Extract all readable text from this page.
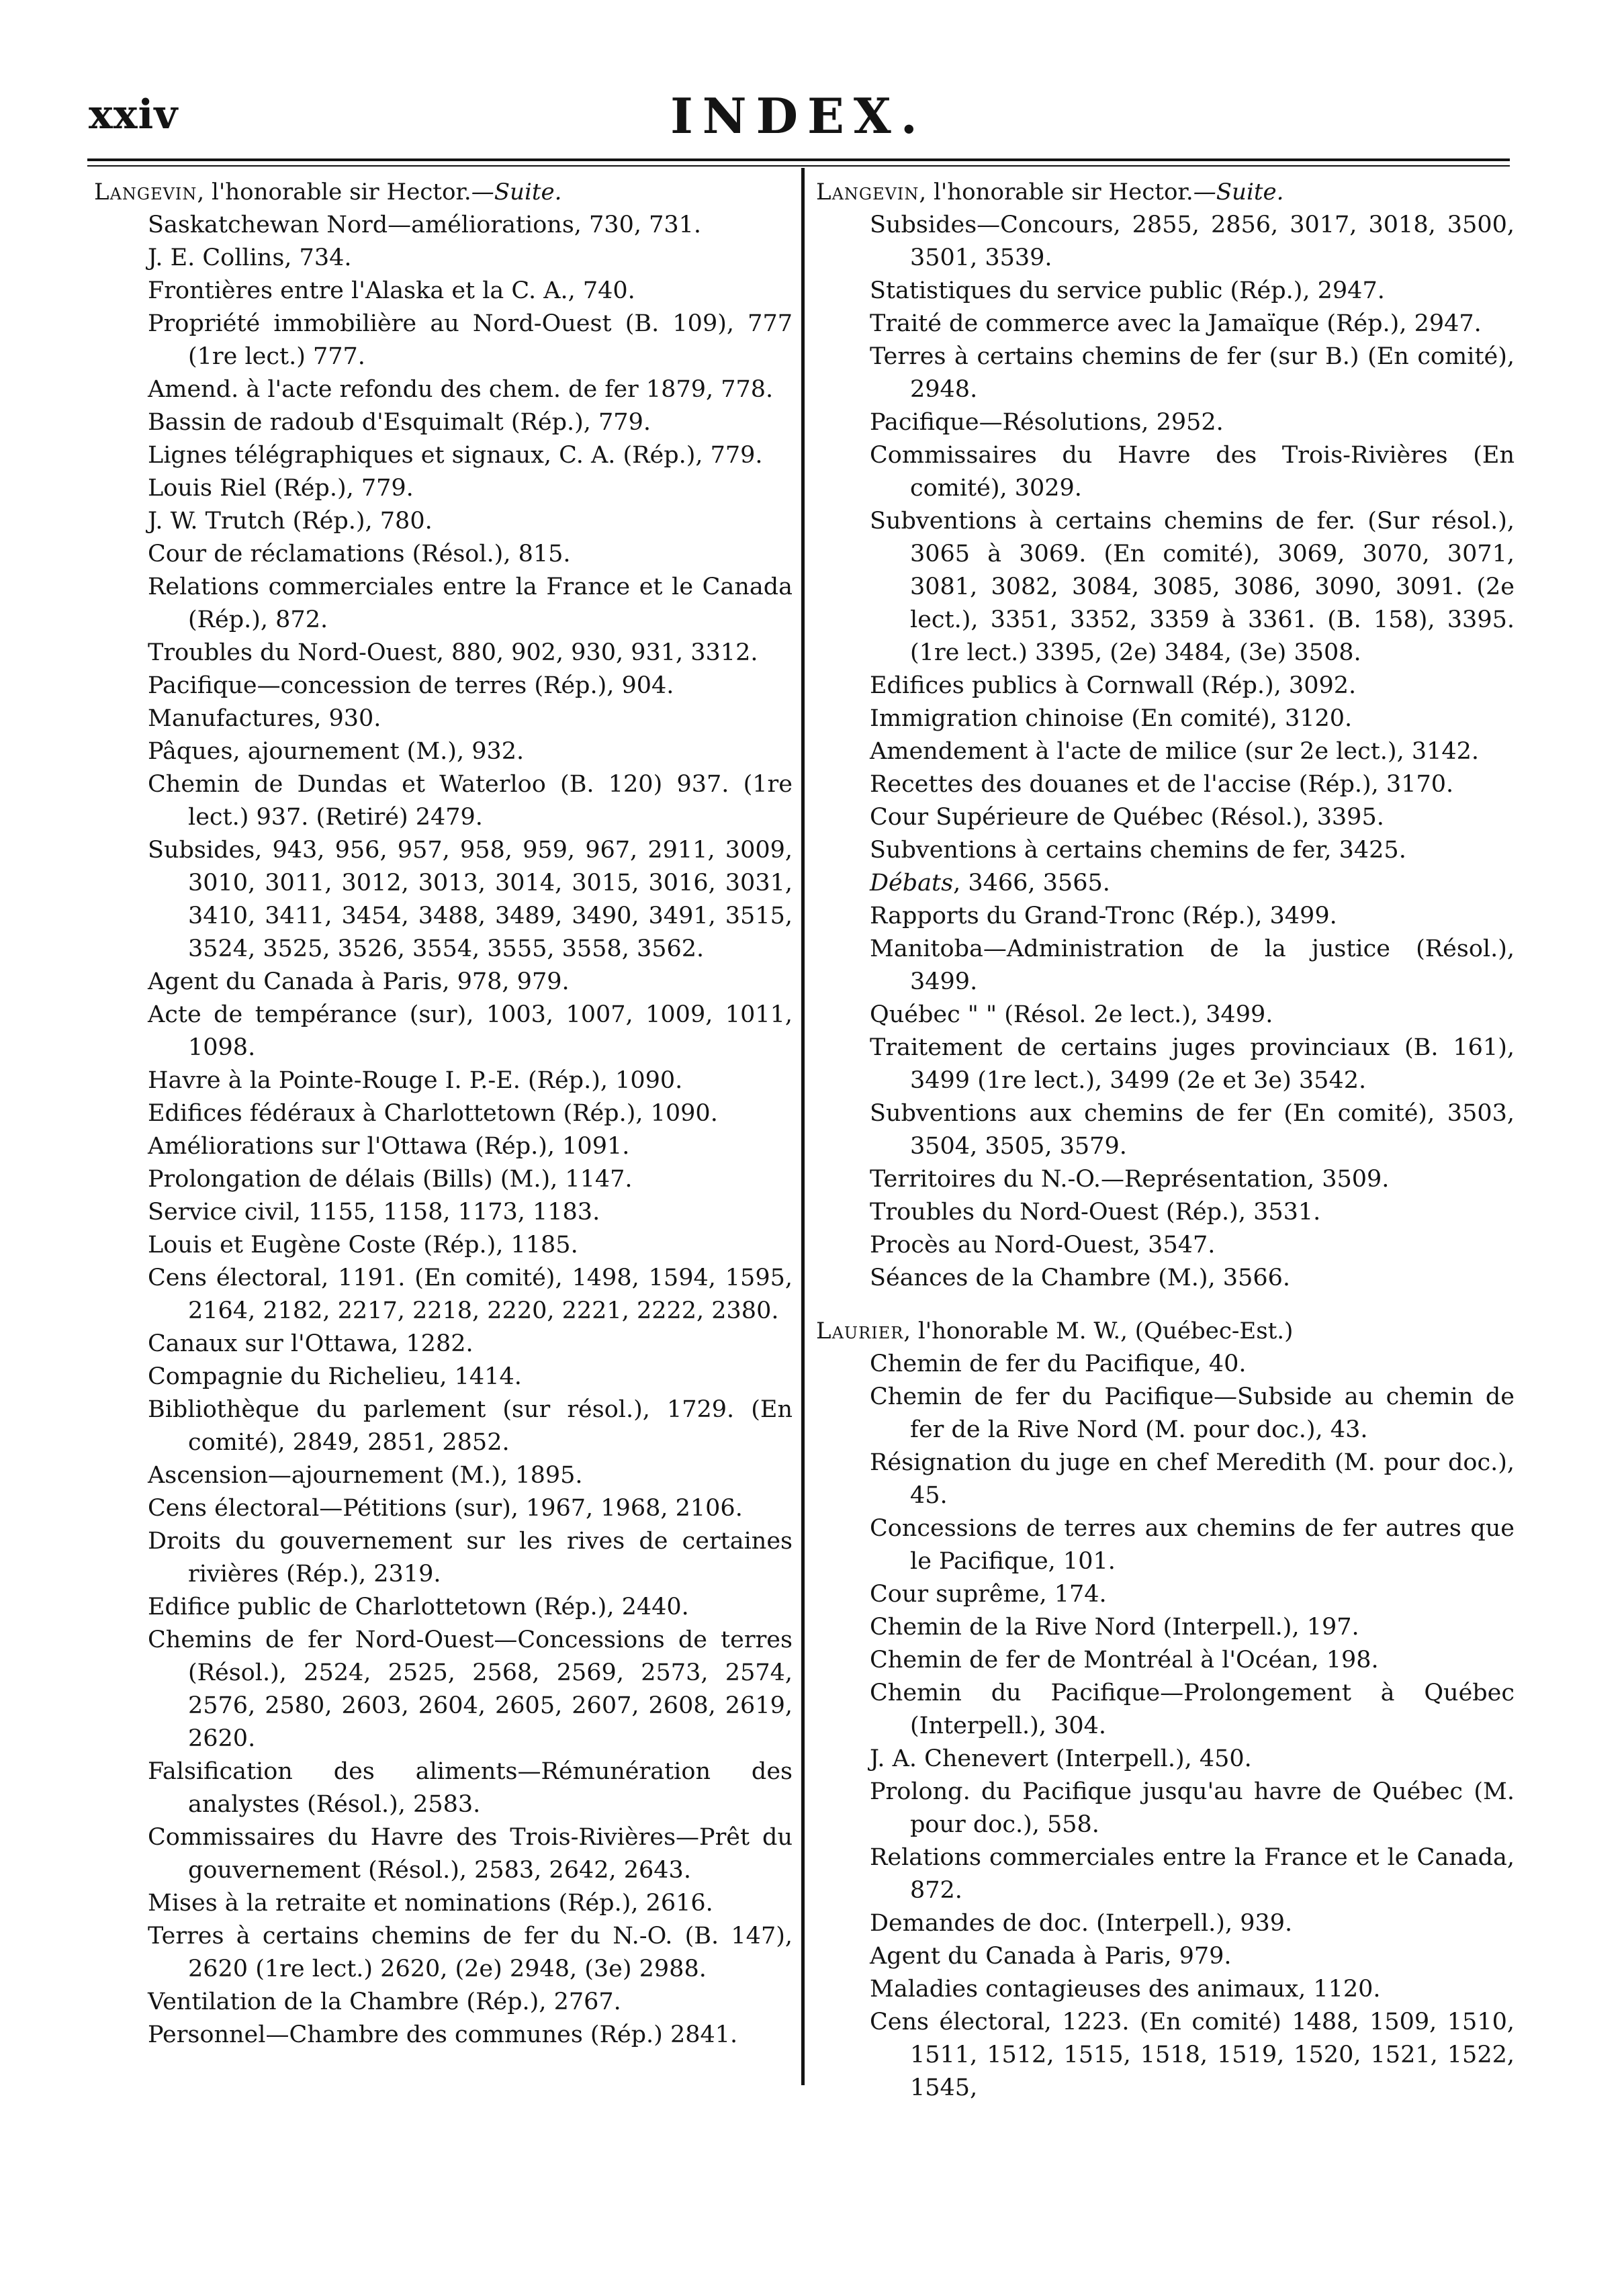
xxiv	INDEX.
Langevin, l'honorable sir Hector.—Suite.

Saskatchewan Nord—améliorations, 730, 731.

J. E. Collins, 734.

Frontières entre l'Alaska et la C. A., 740.

Propriété immobilière au Nord-Ouest (B. 109), 777 (1re lect.) 777.

Amend. à l'acte refondu des chem. de fer 1879, 778.

Bassin de radoub d'Esquimalt (Rép.), 779.

Lignes télégraphiques et signaux, C. A. (Rép.), 779.

Louis Riel (Rép.), 779.

J. W. Trutch (Rép.), 780.

Cour de réclamations (Résol.), 815.

Relations commerciales entre la France et le Canada (Rép.), 872.

Troubles du Nord-Ouest, 880, 902, 930, 931, 3312.

Pacifique—concession de terres (Rép.), 904.

Manufactures, 930.

Pâques, ajournement (M.), 932.

Chemin de Dundas et Waterloo (B. 120) 937. (1re lect.) 937. (Retiré) 2479.

Subsides, 943, 956, 957, 958, 959, 967, 2911, 3009, 3010, 3011, 3012, 3013, 3014, 3015, 3016, 3031, 3410, 3411, 3454, 3488, 3489, 3490, 3491, 3515, 3524, 3525, 3526, 3554, 3555, 3558, 3562.

Agent du Canada à Paris, 978, 979.

Acte de tempérance (sur), 1003, 1007, 1009, 1011, 1098.

Havre à la Pointe-Rouge I. P.-E. (Rép.), 1090.

Edifices fédéraux à Charlottetown (Rép.), 1090.

Améliorations sur l'Ottawa (Rép.), 1091.

Prolongation de délais (Bills) (M.), 1147.

Service civil, 1155, 1158, 1173, 1183.

Louis et Eugène Coste (Rép.), 1185.

Cens électoral, 1191. (En comité), 1498, 1594, 1595, 2164, 2182, 2217, 2218, 2220, 2221, 2222, 2380.

Canaux sur l'Ottawa, 1282.

Compagnie du Richelieu, 1414.

Bibliothèque du parlement (sur résol.), 1729. (En comité), 2849, 2851, 2852.

Ascension—ajournement (M.), 1895.

Cens électoral—Pétitions (sur), 1967, 1968, 2106.

Droits du gouvernement sur les rives de certaines rivières (Rép.), 2319.

Edifice public de Charlottetown (Rép.), 2440.

Chemins de fer Nord-Ouest—Concessions de terres (Résol.), 2524, 2525, 2568, 2569, 2573, 2574, 2576, 2580, 2603, 2604, 2605, 2607, 2608, 2619, 2620.

Falsification des aliments—Rémunération des analystes (Résol.), 2583.

Commissaires du Havre des Trois-Rivières—Prêt du gouvernement (Résol.), 2583, 2642, 2643.

Mises à la retraite et nominations (Rép.), 2616.

Terres à certains chemins de fer du N.-O. (B. 147), 2620 (1re lect.) 2620, (2e) 2948, (3e) 2988.

Ventilation de la Chambre (Rép.), 2767.

Personnel—Chambre des communes (Rép.) 2841.

Langevin, l'honorable sir Hector.—Suite.

Subsides—Concours, 2855, 2856, 3017, 3018, 3500, 3501, 3539.

Statistiques du service public (Rép.), 2947.

Traité de commerce avec la Jamaïque (Rép.), 2947.

Terres à certains chemins de fer (sur B.) (En comité), 2948.

Pacifique—Résolutions, 2952.

Commissaires du Havre des Trois-Rivières (En comité), 3029.

Subventions à certains chemins de fer. (Sur résol.), 3065 à 3069. (En comité), 3069, 3070, 3071, 3081, 3082, 3084, 3085, 3086, 3090, 3091. (2e lect.), 3351, 3352, 3359 à 3361. (B. 158), 3395. (1re lect.) 3395, (2e) 3484, (3e) 3508.

Edifices publics à Cornwall (Rép.), 3092.

Immigration chinoise (En comité), 3120.

Amendement à l'acte de milice (sur 2e lect.), 3142.

Recettes des douanes et de l'accise (Rép.), 3170.

Cour Supérieure de Québec (Résol.), 3395.

Subventions à certains chemins de fer, 3425.

Débats, 3466, 3565.

Rapports du Grand-Tronc (Rép.), 3499.

Manitoba—Administration de la justice (Résol.), 3499.

Québec " " (Résol. 2e lect.), 3499.

Traitement de certains juges provinciaux (B. 161), 3499 (1re lect.), 3499 (2e et 3e) 3542.

Subventions aux chemins de fer (En comité), 3503, 3504, 3505, 3579.

Territoires du N.-O.—Représentation, 3509.

Troubles du Nord-Ouest (Rép.), 3531.

Procès au Nord-Ouest, 3547.

Séances de la Chambre (M.), 3566.

Laurier, l'honorable M. W., (Québec-Est.)

Chemin de fer du Pacifique, 40.

Chemin de fer du Pacifique—Subside au chemin de fer de la Rive Nord (M. pour doc.), 43.

Résignation du juge en chef Meredith (M. pour doc.), 45.

Concessions de terres aux chemins de fer autres que le Pacifique, 101.

Cour suprême, 174.

Chemin de la Rive Nord (Interpell.), 197.

Chemin de fer de Montréal à l'Océan, 198.

Chemin du Pacifique—Prolongement à Québec (Interpell.), 304.

J. A. Chenevert (Interpell.), 450.

Prolong. du Pacifique jusqu'au havre de Québec (M. pour doc.), 558.

Relations commerciales entre la France et le Canada, 872.

Demandes de doc. (Interpell.), 939.

Agent du Canada à Paris, 979.

Maladies contagieuses des animaux, 1120.

Cens électoral, 1223. (En comité) 1488, 1509, 1510, 1511, 1512, 1515, 1518, 1519, 1520, 1521, 1522, 1545,
